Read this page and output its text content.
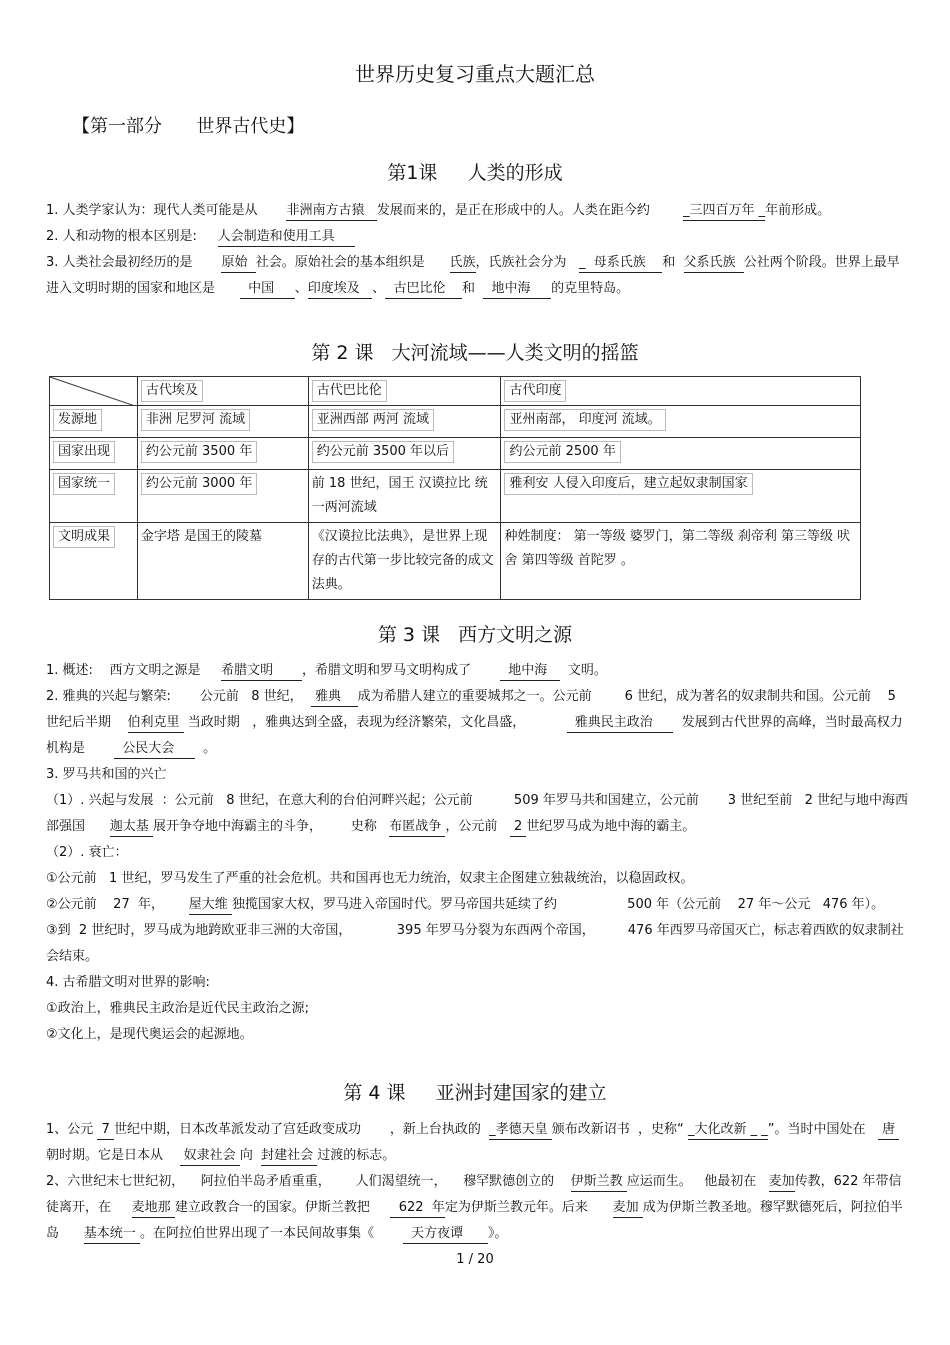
世界历史复习重点大题汇总
【第一部分      世界古代史】
第1课     人类的形成

1. 人类学家认为：现代人类可能是从       非洲南方古猿   发展而来的，是正在形成中的人。人类在距今约        _三四百万年 _年前形成。

2. 人和动物的根本区别是:     人会制造和使用工具

3. 人类社会最初经历的是       原始  社会。原始社会的基本组织是      氏族，氏族社会分为   _  母系氏族    和  父系氏族  公社两个阶段。世界上最早进入文明时期的国家和地区是        中国     、印度埃及   、  古巴比伦    和    地中海     的克里特岛。

第 2 课   大河流域——人类文明的摇篮
	古代埃及	古代巴比伦	古代印度
发源地	非洲 尼罗河 流域	亚洲西部 两河 流域	亚州南部， 印度河 流域。
国家出现	约公元前 3500 年	约公元前 3500 年以后	约公元前 2500 年
国家统一	约公元前 3000 年	前 18 世纪，国王 汉谟拉比 统一两河流域	雅利安 人侵入印度后，建立起奴隶制国家
文明成果	金字塔 是国王的陵墓	《汉谟拉比法典》，是世界上现存的古代第一步比较完备的成文法典。	种姓制度： 第一等级 婆罗门，第二等级 刹帝利 第三等级 吠舍 第四等级 首陀罗 。
第 3 课   西方文明之源

1. 概述:    西方文明之源是     希腊文明       ，希腊文明和罗马文明构成了         地中海     文明。

2. 雅典的兴起与繁荣:       公元前   8 世纪，   雅典    成为希腊人建立的重要城邦之一。公元前        6 世纪，成为著名的奴隶制共和国。公元前    5 世纪后半期    伯利克里  当政时期   ，雅典达到全盛，表现为经济繁荣，文化昌盛，            雅典民主政治       发展到古代世界的高峰，当时最高权力机构是         公民大会       。

3. 罗马共和国的兴亡

（1）. 兴起与发展  ：公元前   8 世纪，在意大利的台伯河畔兴起；公元前          509 年罗马共和国建立，公元前       3 世纪至前   2 世纪与地中海西部强国      迦太基 展开争夺地中海霸主的斗争，       史称   布匿战争 ，公元前    2 世纪罗马成为地中海的霸主。

（2）. 衰亡：

①公元前   1 世纪，罗马发生了严重的社会危机。共和国再也无力统治，奴隶主企图建立独裁统治，以稳固政权。

②公元前    27  年，      屋大维 独揽国家大权，罗马进入帝国时代。罗马帝国共延续了约                 500 年（公元前    27 年～公元   476 年）。

③到  2 世纪时，罗马成为地跨欧亚非三洲的大帝国，           395 年罗马分裂为东西两个帝国，        476 年西罗马帝国灭亡，标志着西欧的奴隶制社会结束。

4. 古希腊文明对世界的影响:

①政治上，雅典民主政治是近代民主政治之源;

②文化上，是现代奥运会的起源地。

第 4 课     亚洲封建国家的建立

1、公元  7 世纪中期，日本改革派发动了宫廷政变成功       ，新上台执政的  _孝德天皇 颁布改新诏书  ，史称“ _大化改新 _ _”。当时中国处在    唐  朝时期。它是日本从     奴隶社会 向  封建社会 过渡的标志。

2、六世纪末七世纪初，    阿拉伯半岛矛盾重重，      人们渴望统一，    穆罕默德创立的    伊斯兰教 应运而生。   他最初在   麦加传教，622 年带信徒离开，在     麦地那 建立政教合一的国家。伊斯兰教把       622  年定为伊斯兰教元年。后来      麦加 成为伊斯兰教圣地。穆罕默德死后，阿拉伯半岛      基本统一 。在阿拉伯世界出现了一本民间故事集《         天方夜谭      》。

1 / 20
